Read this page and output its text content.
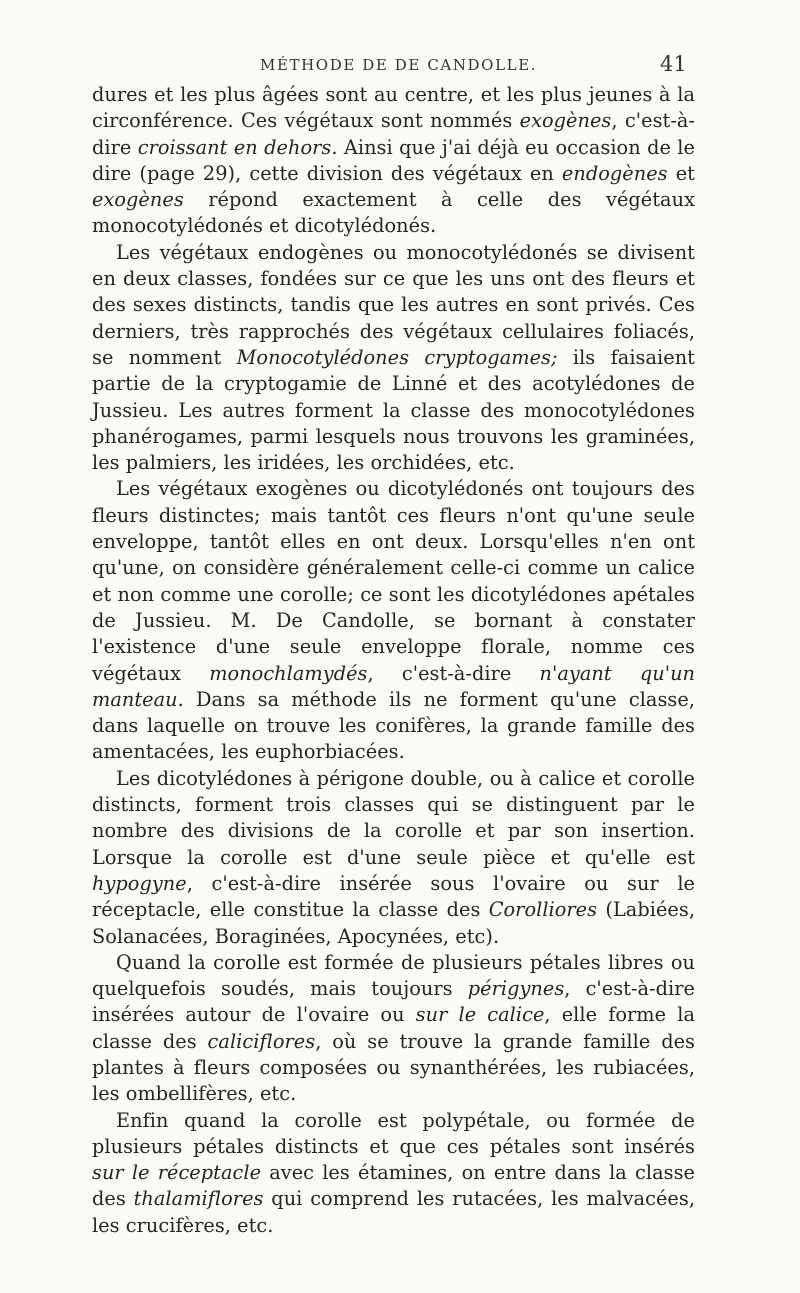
MÉTHODE DE DE CANDOLLE.	41

dures et les plus âgées sont au centre, et les plus jeunes à la circonférence. Ces végétaux sont nommés exogènes, c'est-à-dire croissant en dehors. Ainsi que j'ai déjà eu occasion de le dire (page 29), cette division des végétaux en endogènes et exogènes répond exactement à celle des végétaux monocotylédonés et dicotylédonés.

Les végétaux endogènes ou monocotylédonés se divisent en deux classes, fondées sur ce que les uns ont des fleurs et des sexes distincts, tandis que les autres en sont privés. Ces derniers, très rapprochés des végétaux cellulaires foliacés, se nomment Monocotylédones cryptogames; ils faisaient partie de la cryptogamie de Linné et des acotylédones de Jussieu. Les autres forment la classe des monocotylédones phanérogames, parmi lesquels nous trouvons les graminées, les palmiers, les iridées, les orchidées, etc.

Les végétaux exogènes ou dicotylédonés ont toujours des fleurs distinctes; mais tantôt ces fleurs n'ont qu'une seule enveloppe, tantôt elles en ont deux. Lorsqu'elles n'en ont qu'une, on considère généralement celle-ci comme un calice et non comme une corolle; ce sont les dicotylédones apétales de Jussieu. M. De Candolle, se bornant à constater l'existence d'une seule enveloppe florale, nomme ces végétaux monochlamydés, c'est-à-dire n'ayant qu'un manteau. Dans sa méthode ils ne forment qu'une classe, dans laquelle on trouve les conifères, la grande famille des amentacées, les euphorbiacées.

Les dicotylédones à périgone double, ou à calice et corolle distincts, forment trois classes qui se distinguent par le nombre des divisions de la corolle et par son insertion. Lorsque la corolle est d'une seule pièce et qu'elle est hypogyne, c'est-à-dire insérée sous l'ovaire ou sur le réceptacle, elle constitue la classe des Corolliores (Labiées, Solanacées, Boraginées, Apocynées, etc).

Quand la corolle est formée de plusieurs pétales libres ou quelquefois soudés, mais toujours périgynes, c'est-à-dire insérées autour de l'ovaire ou sur le calice, elle forme la classe des caliciflores, où se trouve la grande famille des plantes à fleurs composées ou synanthérées, les rubiacées, les ombellifères, etc.

Enfin quand la corolle est polypétale, ou formée de plusieurs pétales distincts et que ces pétales sont insérés sur le réceptacle avec les étamines, on entre dans la classe des thalamiflores qui comprend les rutacées, les malvacées, les crucifères, etc.
